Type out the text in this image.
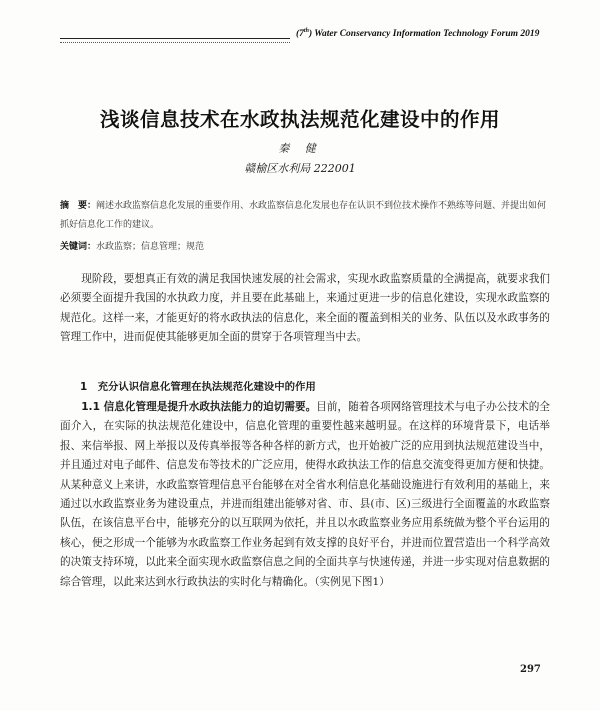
(7th) Water Conservancy Information Technology Forum 2019
浅谈信息技术在水政执法规范化建设中的作用
秦 健
赣榆区水利局 222001
摘　要：阐述水政监察信息化发展的重要作用、水政监察信息化发展也存在认识不到位技术操作不熟练等问题、并提出如何抓好信息化工作的建议。
关键词：水政监察；信息管理；规范

现阶段，要想真正有效的满足我国快速发展的社会需求，实现水政监察质量的全满提高，就要求我们必须要全面提升我国的水执政力度，并且要在此基础上，来通过更进一步的信息化建设，实现水政监察的规范化。这样一来，才能更好的将水政执法的信息化，来全面的覆盖到相关的业务、队伍以及水政事务的管理工作中，进而促使其能够更加全面的贯穿于各项管理当中去。

1　充分认识信息化管理在执法规范化建设中的作用

1.1 信息化管理是提升水政执法能力的迫切需要。目前，随着各项网络管理技术与电子办公技术的全面介入，在实际的执法规范化建设中，信息化管理的重要性越来越明显。在这样的环境背景下，电话举报、来信举报、网上举报以及传真举报等各种各样的新方式，也开始被广泛的应用到执法规范建设当中，并且通过对电子邮件、信息发布等技术的广泛应用，使得水政执法工作的信息交流变得更加方便和快捷。从某种意义上来讲，水政监察管理信息平台能够在对全省水利信息化基础设施进行有效利用的基础上，来通过以水政监察业务为建设重点，并进而组建出能够对省、市、县(市、区)三级进行全面覆盖的水政监察队伍，在该信息平台中，能够充分的以互联网为依托，并且以水政监察业务应用系统做为整个平台运用的核心，便之形成一个能够为水政监察工作业务起到有效支撑的良好平台，并进而位置营造出一个科学高效的决策支持环境，以此来全面实现水政监察信息之间的全面共享与快速传递，并进一步实现对信息数据的综合管理，以此来达到水行政执法的实时化与精确化。（实例见下图1）

297
